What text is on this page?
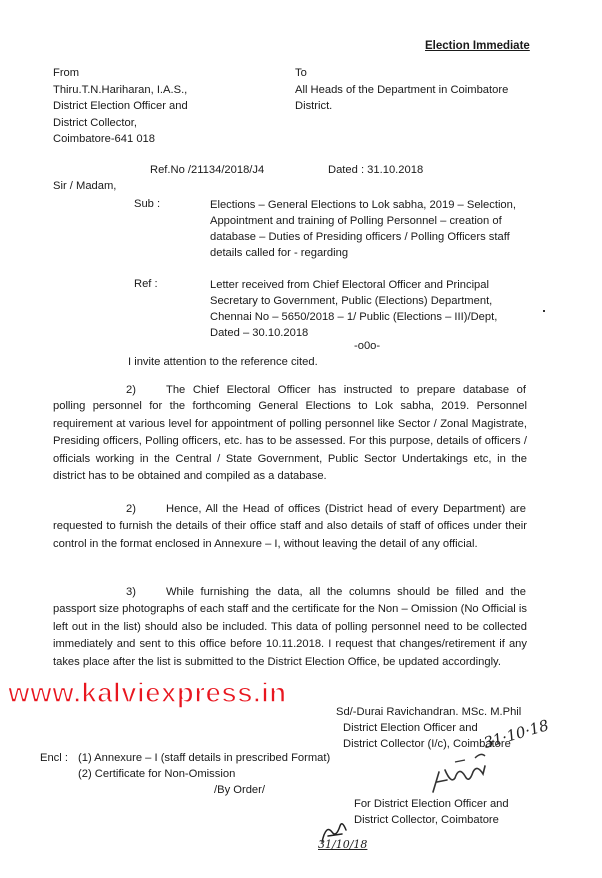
Election Immediate
From
Thiru.T.N.Hariharan, I.A.S.,
District Election Officer and
District Collector,
Coimbatore-641 018
To
All Heads of the Department in Coimbatore
District.
Ref.No /21134/2018/J4	Dated : 31.10.2018
Sir / Madam,
Sub :	Elections – General Elections to Lok sabha, 2019 – Selection,
Appointment and training of Polling Personnel – creation of
database – Duties of Presiding officers / Polling Officers staff
details called for - regarding
Ref :	Letter received from Chief Electoral Officer and Principal
Secretary to Government, Public (Elections) Department,
Chennai No – 5650/2018 – 1/ Public (Elections – III)/Dept,
Dated – 30.10.2018
-o0o-
I invite attention to the reference cited.
2)	The Chief Electoral Officer has instructed to prepare database of
polling personnel for the forthcoming General Elections to Lok sabha, 2019. Personnel requirement at various level for appointment of polling personnel like Sector / Zonal Magistrate, Presiding officers, Polling officers, etc. has to be assessed. For this purpose, details of officers / officials working in the Central / State Government, Public Sector Undertakings etc, in the district has to be obtained and compiled as a database.
2)	Hence, All the Head of offices (District head of every Department) are
requested to furnish the details of their office staff and also details of staff of offices under their control in the format enclosed in Annexure – I, without leaving the detail of any official.
3)	While furnishing the data, all the columns should be filled and the
passport size photographs of each staff and the certificate for the Non – Omission (No Official is left out in the list) should also be included. This data of polling personnel need to be collected immediately and sent to this office before 10.11.2018. I request that changes/retirement if any takes place after the list is submitted to the District Election Office, be updated accordingly.
www.kalviexpress.in
Sd/-Durai Ravichandran. MSc. M.Phil
District Election Officer and
District Collector (I/c), Coimbatore
Encl : (1) Annexure – I (staff details in prescribed Format)
(2) Certificate for Non-Omission
/By Order/
31·10·18
For District Election Officer and
District Collector, Coimbatore
31/10/18
